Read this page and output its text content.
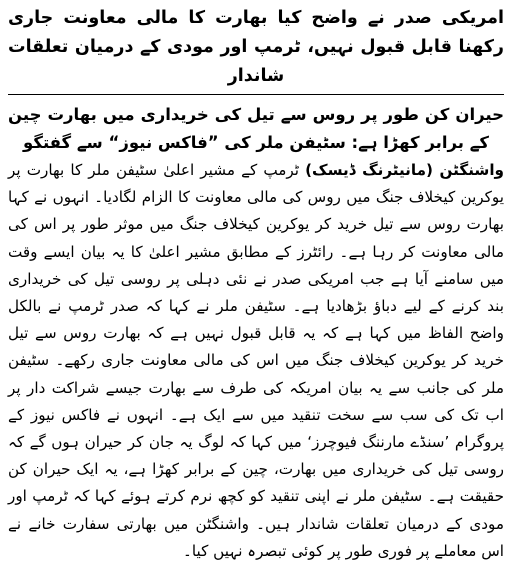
امریکی صدر نے واضح کیا بھارت کا مالی معاونت جاری رکھنا قابل قبول نہیں، ٹرمپ اور مودی کے درمیان تعلقات شاندار
حیران کن طور پر روس سے تیل کی خریداری میں بھارت چین کے برابر کھڑا ہے: سٹیفن ملر کی ”فاکس نیوز“ سے گفتگو

واشنگٹن (مانیٹرنگ ڈیسک) ٹرمپ کے مشیر اعلیٰ سٹیفن ملر کا بھارت پر یوکرین کیخلاف جنگ میں روس کی مالی معاونت کا الزام لگادیا۔ انہوں نے کہا بھارت روس سے تیل خرید کر یوکرین کیخلاف جنگ میں موثر طور پر اس کی مالی معاونت کر رہا ہے۔ رائٹرز کے مطابق مشیر اعلیٰ کا یہ بیان ایسے وقت میں سامنے آیا ہے جب امریکی صدر نے نئی دہلی پر روسی تیل کی خریداری بند کرنے کے لیے دباؤ بڑھادیا ہے۔ سٹیفن ملر نے کہا کہ صدر ٹرمپ نے بالکل واضح الفاظ میں کہا ہے کہ یہ قابل قبول نہیں ہے کہ بھارت روس سے تیل خرید کر یوکرین کیخلاف جنگ میں اس کی مالی معاونت جاری رکھے۔ سٹیفن ملر کی جانب سے یہ بیان امریکہ کی طرف سے بھارت جیسے شراکت دار پر اب تک کی سب سے سخت تنقید میں سے ایک ہے۔ انہوں نے فاکس نیوز کے پروگرام ’سنڈے مارننگ فیوچرز‘ میں کہا کہ لوگ یہ جان کر حیران ہوں گے کہ روسی تیل کی خریداری میں بھارت، چین کے برابر کھڑا ہے، یہ ایک حیران کن حقیقت ہے۔ سٹیفن ملر نے اپنی تنقید کو کچھ نرم کرتے ہوئے کہا کہ ٹرمپ اور مودی کے درمیان تعلقات شاندار ہیں۔ واشنگٹن میں بھارتی سفارت خانے نے اس معاملے پر فوری طور پر کوئی تبصرہ نہیں کیا۔
